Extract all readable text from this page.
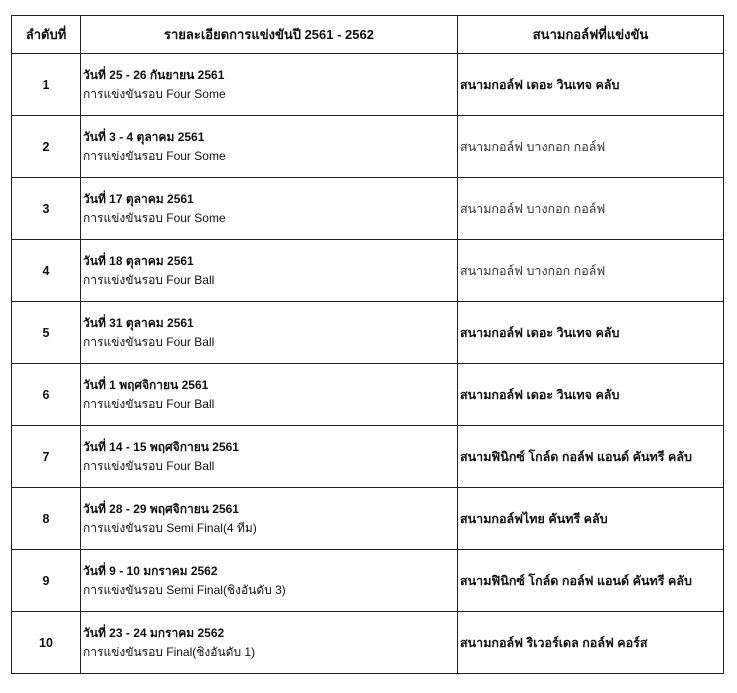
ลำดับที่	รายละเอียดการแข่งขันปี 2561 - 2562	สนามกอล์ฟที่แข่งขัน
1	วันที่ 25 - 26 กันยายน 2561
การแข่งขันรอบ Four Some	สนามกอล์ฟ เดอะ วินเทจ คลับ
2	วันที่ 3 - 4 ตุลาคม 2561
การแข่งขันรอบ Four Some	สนามกอล์ฟ บางกอก กอล์ฟ
3	วันที่ 17 ตุลาคม 2561
การแข่งขันรอบ Four Some	สนามกอล์ฟ บางกอก กอล์ฟ
4	วันที่ 18 ตุลาคม 2561
การแข่งขันรอบ Four Ball	สนามกอล์ฟ บางกอก กอล์ฟ
5	วันที่ 31 ตุลาคม 2561
การแข่งขันรอบ Four Ball	สนามกอล์ฟ เดอะ วินเทจ คลับ
6	วันที่ 1 พฤศจิกายน 2561
การแข่งขันรอบ Four Ball	สนามกอล์ฟ เดอะ วินเทจ คลับ
7	วันที่ 14 - 15 พฤศจิกายน 2561
การแข่งขันรอบ Four Ball	สนามฟินิกซ์ โกล์ด กอล์ฟ แอนด์ คันทรี คลับ
8	วันที่ 28 - 29 พฤศจิกายน 2561
การแข่งขันรอบ Semi Final(4 ทีม)	สนามกอล์ฟไทย คันทรี คลับ
9	วันที่ 9 - 10 มกราคม 2562
การแข่งขันรอบ Semi Final(ชิงอันดับ 3)	สนามฟินิกซ์ โกล์ด กอล์ฟ แอนด์ คันทรี คลับ
10	วันที่ 23 - 24 มกราคม 2562
การแข่งขันรอบ Final(ชิงอันดับ 1)	สนามกอล์ฟ ริเวอร์เดล กอล์ฟ คอร์ส
